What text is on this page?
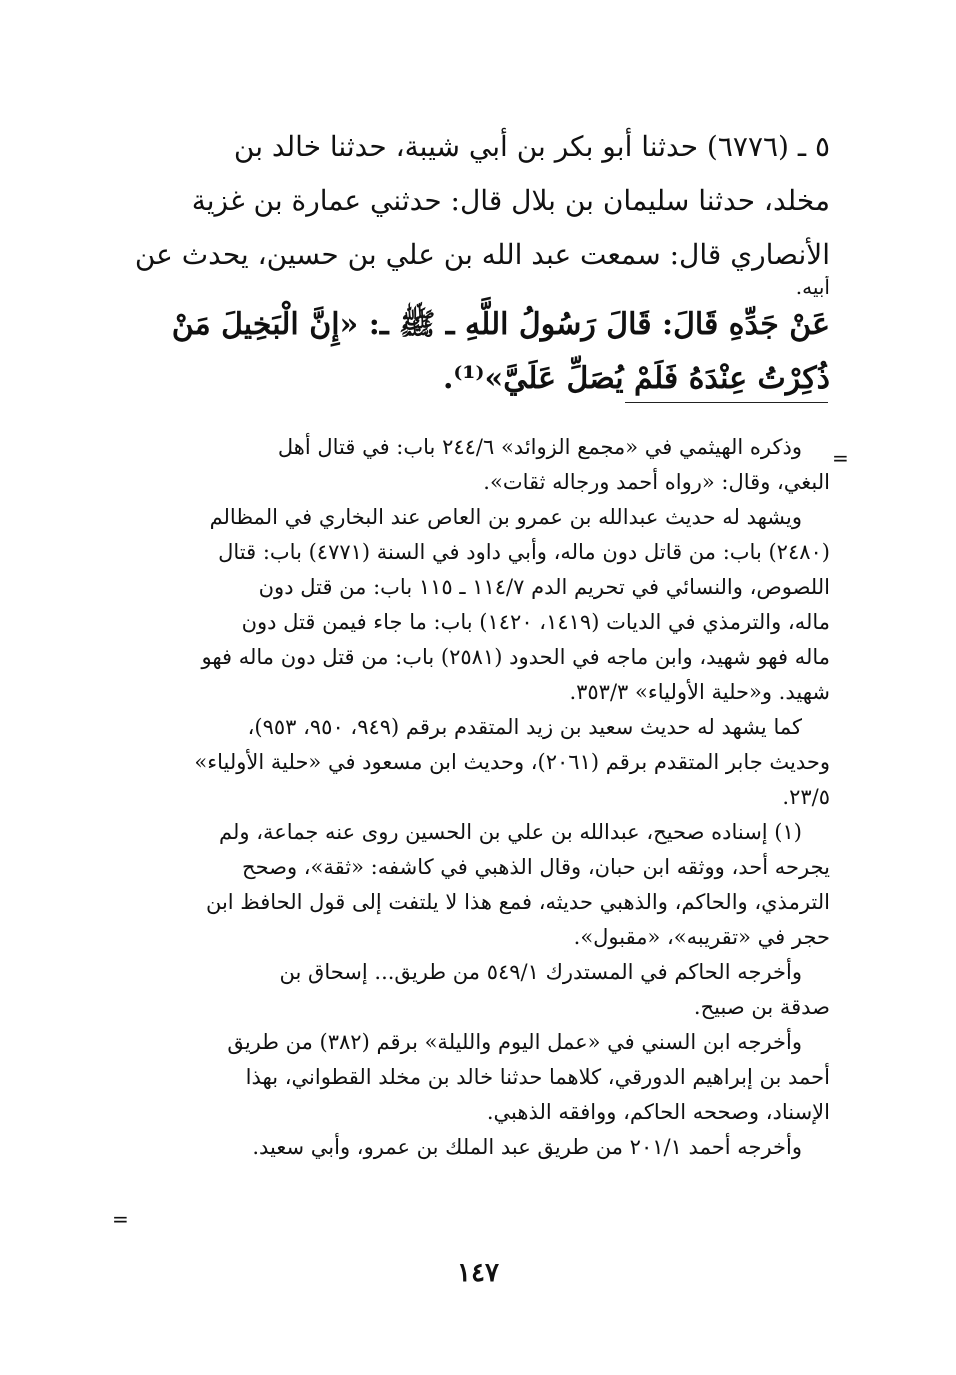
٥ ـ (٦٧٧٦) حدثنا أبو بكر بن أبي شيبة، حدثنا خالد بن
مخلد، حدثنا سليمان بن بلال قال: حدثني عمارة بن غزية
الأنصاري قال: سمعت عبد الله بن علي بن حسين، يحدث عن
أبيه.
عَنْ جَدِّهِ قَالَ: قَالَ رَسُولُ اللَّهِ ـ ﷺ ـ: «إِنَّ الْبَخِيلَ مَنْ
ذُكِرْتُ عِنْدَهُ فَلَمْ يُصَلِّ عَلَيَّ»⁽¹⁾.
=
وذكره الهيثمي في «مجمع الزوائد» ٢٤٤/٦ باب: في قتال أهل
البغي، وقال: «رواه أحمد ورجاله ثقات».
ويشهد له حديث عبدالله بن عمرو بن العاص عند البخاري في المظالم
(٢٤٨٠) باب: من قاتل دون ماله، وأبي داود في السنة (٤٧٧١) باب: قتال
اللصوص، والنسائي في تحريم الدم ١١٤/٧ ـ ١١٥ باب: من قتل دون
ماله، والترمذي في الديات (١٤١٩، ١٤٢٠) باب: ما جاء فيمن قتل دون
ماله فهو شهيد، وابن ماجه في الحدود (٢٥٨١) باب: من قتل دون ماله فهو
شهيد. و«حلية الأولياء» ٣٥٣/٣.
كما يشهد له حديث سعيد بن زيد المتقدم برقم (٩٤٩، ٩٥٠، ٩٥٣)،
وحديث جابر المتقدم برقم (٢٠٦١)، وحديث ابن مسعود في «حلية الأولياء»
٢٣/٥.
(١) إسناده صحيح، عبدالله بن علي بن الحسين روى عنه جماعة، ولم
يجرحه أحد، ووثقه ابن حبان، وقال الذهبي في كاشفه: «ثقة»، وصحح
الترمذي، والحاكم، والذهبي حديثه، فمع هذا لا يلتفت إلى قول الحافظ ابن
حجر في «تقريبه»، «مقبول».
وأخرجه الحاكم في المستدرك ٥٤٩/١ من طريق... إسحاق بن
صدقة بن صبيح.
وأخرجه ابن السني في «عمل اليوم والليلة» برقم (٣٨٢) من طريق
أحمد بن إبراهيم الدورقي، كلاهما حدثنا خالد بن مخلد القطواني، بهذا
الإسناد، وصححه الحاكم، ووافقه الذهبي.
وأخرجه أحمد ٢٠١/١ من طريق عبد الملك بن عمرو، وأبي سعيد.
=
١٤٧
